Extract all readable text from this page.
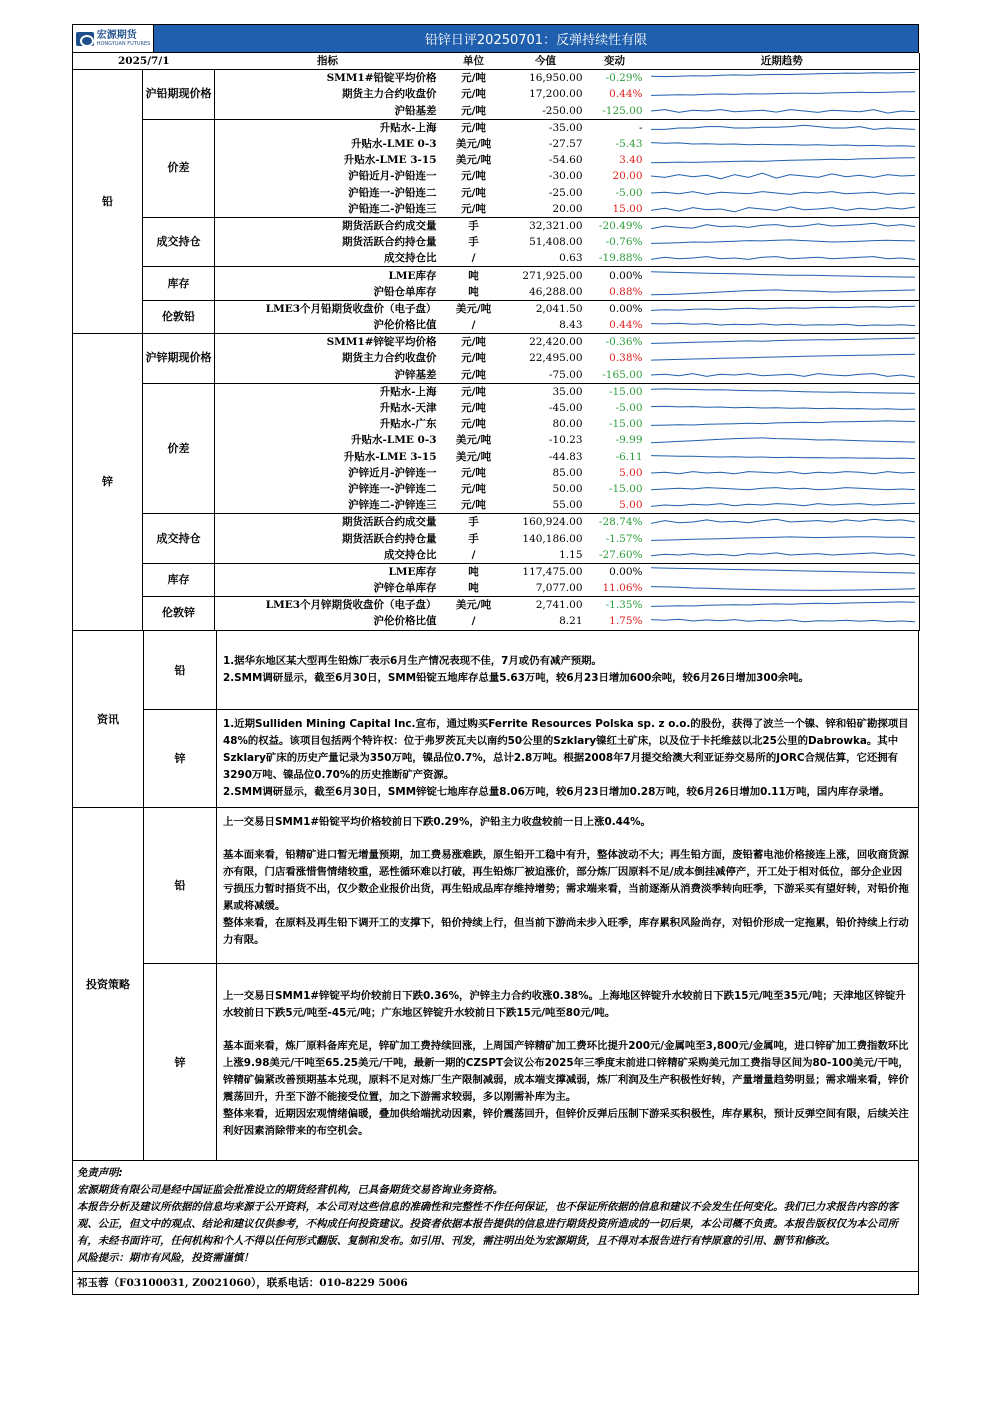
宏源期货
HONGYUAN FUTURES	铅锌日评20250701：反弹持续性有限
2025/7/1		指标	单位	今值	变动	近期趋势
铅	沪铅期现价格	SMM1#铅锭平均价格	元/吨	16,950.00	-0.29%	

		期货主力合约收盘价	元/吨	17,200.00	0.44%	

		沪铅基差	元/吨	-250.00	-125.00	

	价差	升贴水-上海	元/吨	-35.00	-	

		升贴水-LME 0-3	美元/吨	-27.57	-5.43	

		升贴水-LME 3-15	美元/吨	-54.60	3.40	

		沪铅近月-沪铅连一	元/吨	-30.00	20.00	

		沪铅连一-沪铅连二	元/吨	-25.00	-5.00	

		沪铅连二-沪铅连三	元/吨	20.00	15.00	

	成交持仓	期货活跃合约成交量	手	32,321.00	-20.49%	

		期货活跃合约持仓量	手	51,408.00	-0.76%	

		成交持仓比	/	0.63	-19.88%	

	库存	LME库存	吨	271,925.00	0.00%	

		沪铅仓单库存	吨	46,288.00	0.88%	

	伦敦铅	LME3个月铅期货收盘价（电子盘）	美元/吨	2,041.50	0.00%	

		沪伦价格比值	/	8.43	0.44%	

锌	沪锌期现价格	SMM1#锌锭平均价格	元/吨	22,420.00	-0.36%	

		期货主力合约收盘价	元/吨	22,495.00	0.38%	

		沪锌基差	元/吨	-75.00	-165.00	

	价差	升贴水-上海	元/吨	35.00	-15.00	

		升贴水-天津	元/吨	-45.00	-5.00	

		升贴水-广东	元/吨	80.00	-15.00	

		升贴水-LME 0-3	美元/吨	-10.23	-9.99	

		升贴水-LME 3-15	美元/吨	-44.83	-6.11	

		沪锌近月-沪锌连一	元/吨	85.00	5.00	

		沪锌连一-沪锌连二	元/吨	50.00	-15.00	

		沪锌连二-沪锌连三	元/吨	55.00	5.00	

	成交持仓	期货活跃合约成交量	手	160,924.00	-28.74%	

		期货活跃合约持仓量	手	140,186.00	-1.57%	

		成交持仓比	/	1.15	-27.60%	

	库存	LME库存	吨	117,475.00	0.00%	

		沪锌仓单库存	吨	7,077.00	11.06%	

	伦敦锌	LME3个月锌期货收盘价（电子盘）	美元/吨	2,741.00	-1.35%	

		沪伦价格比值	/	8.21	1.75%	
资讯
铅

1.据华东地区某大型再生铅炼厂表示6月生产情况表现不佳，7月或仍有减产预期。

2.SMM调研显示，截至6月30日，SMM铅锭五地库存总量5.63万吨，较6月23日增加600余吨，较6月26日增加300余吨。

锌

1.近期Sulliden Mining Capital Inc.宣布，通过购买Ferrite Resources Polska sp. z o.o.的股份，获得了波兰一个镍、锌和铅矿勘探项目48%的权益。该项目包括两个特许权：位于弗罗茨瓦夫以南约50公里的Szklary镍红土矿床，以及位于卡托维兹以北25公里的Dabrowka。其中Szklary矿床的历史产量记录为350万吨，镍品位0.7%，总计2.8万吨。根据2008年7月提交给澳大利亚证券交易所的JORC合规估算，它还拥有3290万吨、镍品位0.70%的历史推断矿产资源。

2.SMM调研显示，截至6月30日，SMM锌锭七地库存总量8.06万吨，较6月23日增加0.28万吨，较6月26日增加0.11万吨，国内库存录增。

投资策略
铅

上一交易日SMM1#铅锭平均价格较前日下跌0.29%，沪铅主力收盘较前一日上涨0.44%。

基本面来看，铅精矿进口暂无增量预期，加工费易涨难跌，原生铅开工稳中有升，整体波动不大；再生铅方面，废铅蓄电池价格接连上涨，回收商货源亦有限，门店看涨惜售情绪较重，恶性循环难以打破，再生铅炼厂被迫涨价，部分炼厂因原料不足/成本倒挂减停产，开工处于相对低位，部分企业因亏损压力暂时捂货不出，仅少数企业报价出货，再生铅成品库存维持增势；需求端来看，当前逐渐从消费淡季转向旺季，下游采买有望好转，对铅价拖累或将减缓。

整体来看，在原料及再生铅下调开工的支撑下，铅价持续上行，但当前下游尚未步入旺季，库存累积风险尚存，对铅价形成一定拖累，铅价持续上行动力有限。

锌

上一交易日SMM1#锌锭平均价较前日下跌0.36%，沪锌主力合约收涨0.38%。上海地区锌锭升水较前日下跌15元/吨至35元/吨；天津地区锌锭升水较前日下跌5元/吨至-45元/吨；广东地区锌锭升水较前日下跌15元/吨至80元/吨。

基本面来看，炼厂原料备库充足，锌矿加工费持续回涨，上周国产锌精矿加工费环比提升200元/金属吨至3,800元/金属吨，进口锌矿加工费指数环比上涨9.98美元/干吨至65.25美元/干吨，最新一期的CZSPT会议公布2025年三季度末前进口锌精矿采购美元加工费指导区间为80-100美元/干吨，锌精矿偏紧改善预期基本兑现，原料不足对炼厂生产限制减弱，成本端支撑减弱，炼厂利润及生产积极性好转，产量增量趋势明显；需求端来看，锌价震荡回升，升至下游不能接受位置，加之下游需求较弱，多以刚需补库为主。

整体来看，近期因宏观情绪偏暖，叠加供给端扰动因素，锌价震荡回升，但锌价反弹后压制下游采买积极性，库存累积，预计反弹空间有限，后续关注利好因素消除带来的布空机会。

免责声明:
宏源期货有限公司是经中国证监会批准设立的期货经营机构，已具备期货交易咨询业务资格。
本报告分析及建议所依据的信息均来源于公开资料，本公司对这些信息的准确性和完整性不作任何保证，也不保证所依据的信息和建议不会发生任何变化。我们已力求报告内容的客观、公正，但文中的观点、结论和建议仅供参考，不构成任何投资建议。投资者依据本报告提供的信息进行期货投资所造成的一切后果，本公司概不负责。本报告版权仅为本公司所有，未经书面许可，任何机构和个人不得以任何形式翻版、复制和发布。如引用、刊发，需注明出处为宏源期货，且不得对本报告进行有悖原意的引用、删节和修改。
风险提示：期市有风险，投资需谨慎！
祁玉蓉（F03100031, Z0021060），联系电话：010-8229 5006
